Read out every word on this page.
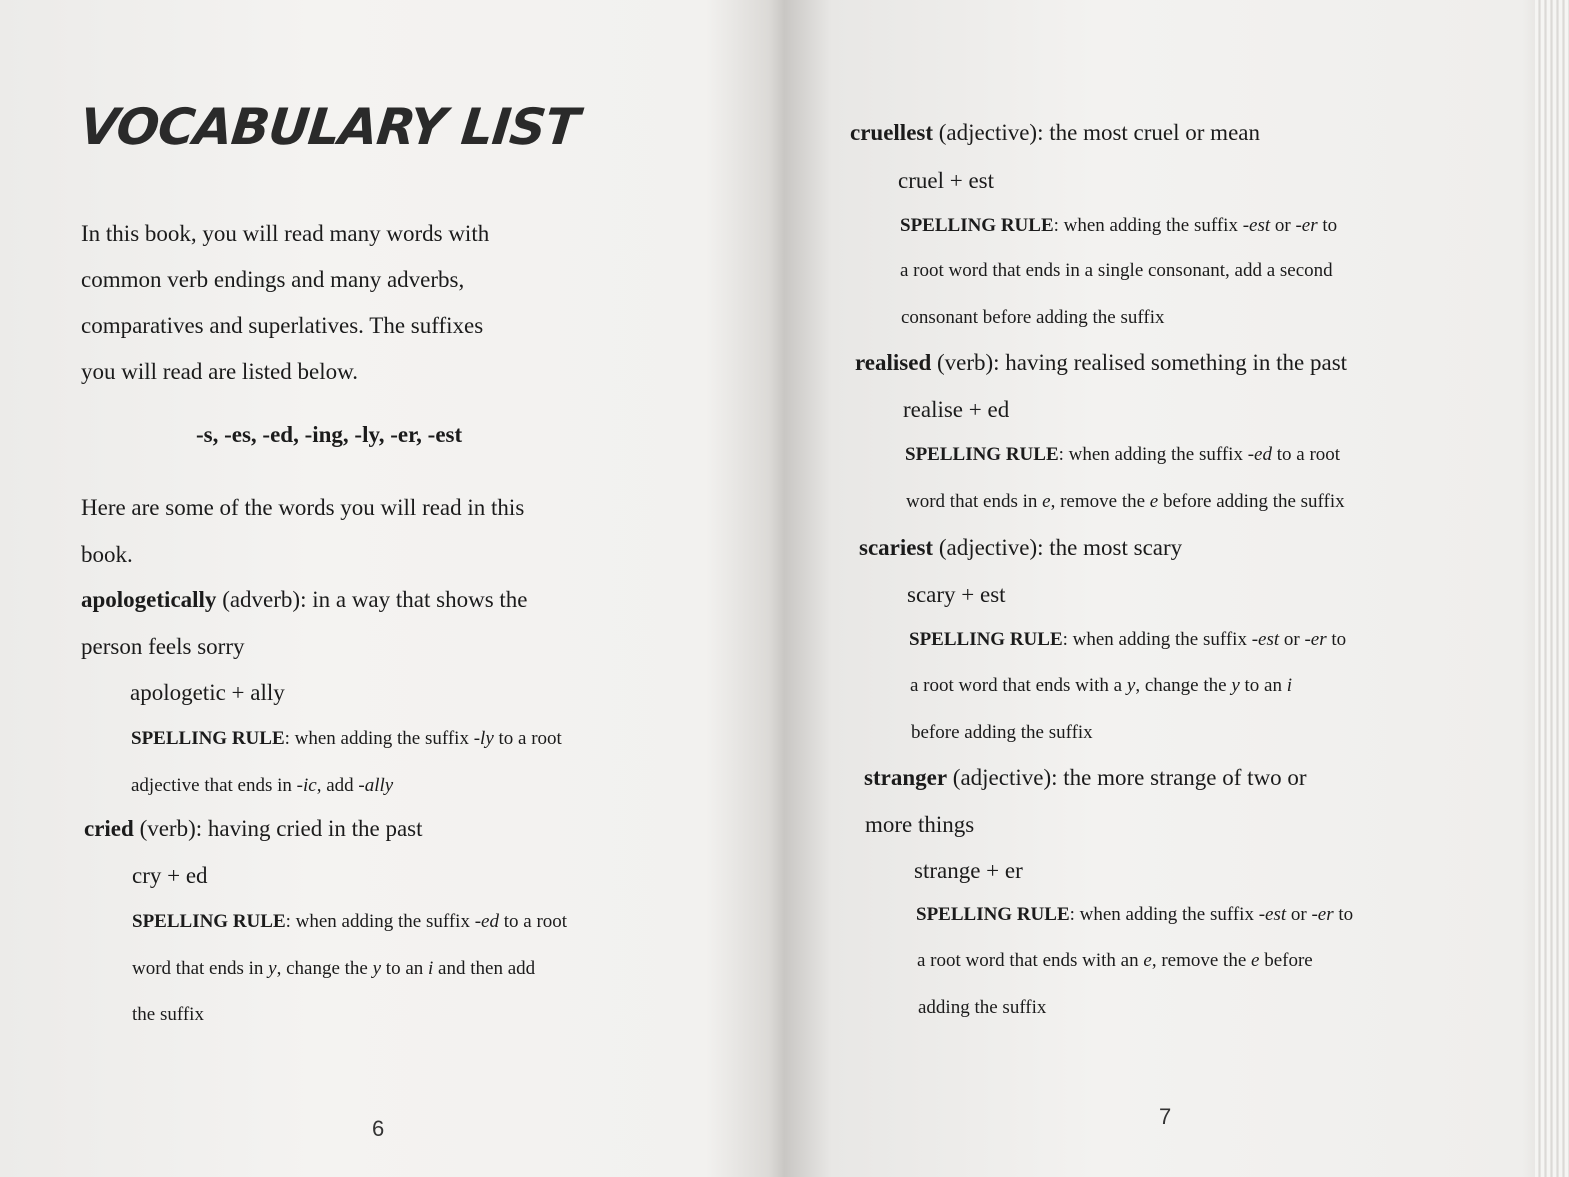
VOCABULARY LIST
In this book, you will read many words with
common verb endings and many adverbs,
comparatives and superlatives. The suffixes
you will read are listed below.
-s, -es, -ed, -ing, -ly, -er, -est
Here are some of the words you will read in this
book.
apologetically (adverb): in a way that shows the
person feels sorry
apologetic + ally
SPELLING RULE: when adding the suffix -ly to a root
adjective that ends in -ic, add -ally
cried (verb): having cried in the past
cry + ed
SPELLING RULE: when adding the suffix -ed to a root
word that ends in y, change the y to an i and then add
the suffix
6
cruellest (adjective): the most cruel or mean
cruel + est
SPELLING RULE: when adding the suffix -est or -er to
a root word that ends in a single consonant, add a second
consonant before adding the suffix
realised (verb): having realised something in the past
realise + ed
SPELLING RULE: when adding the suffix -ed to a root
word that ends in e, remove the e before adding the suffix
scariest (adjective): the most scary
scary + est
SPELLING RULE: when adding the suffix -est or -er to
a root word that ends with a y, change the y to an i
before adding the suffix
stranger (adjective): the more strange of two or
more things
strange + er
SPELLING RULE: when adding the suffix -est or -er to
a root word that ends with an e, remove the e before
adding the suffix
7
